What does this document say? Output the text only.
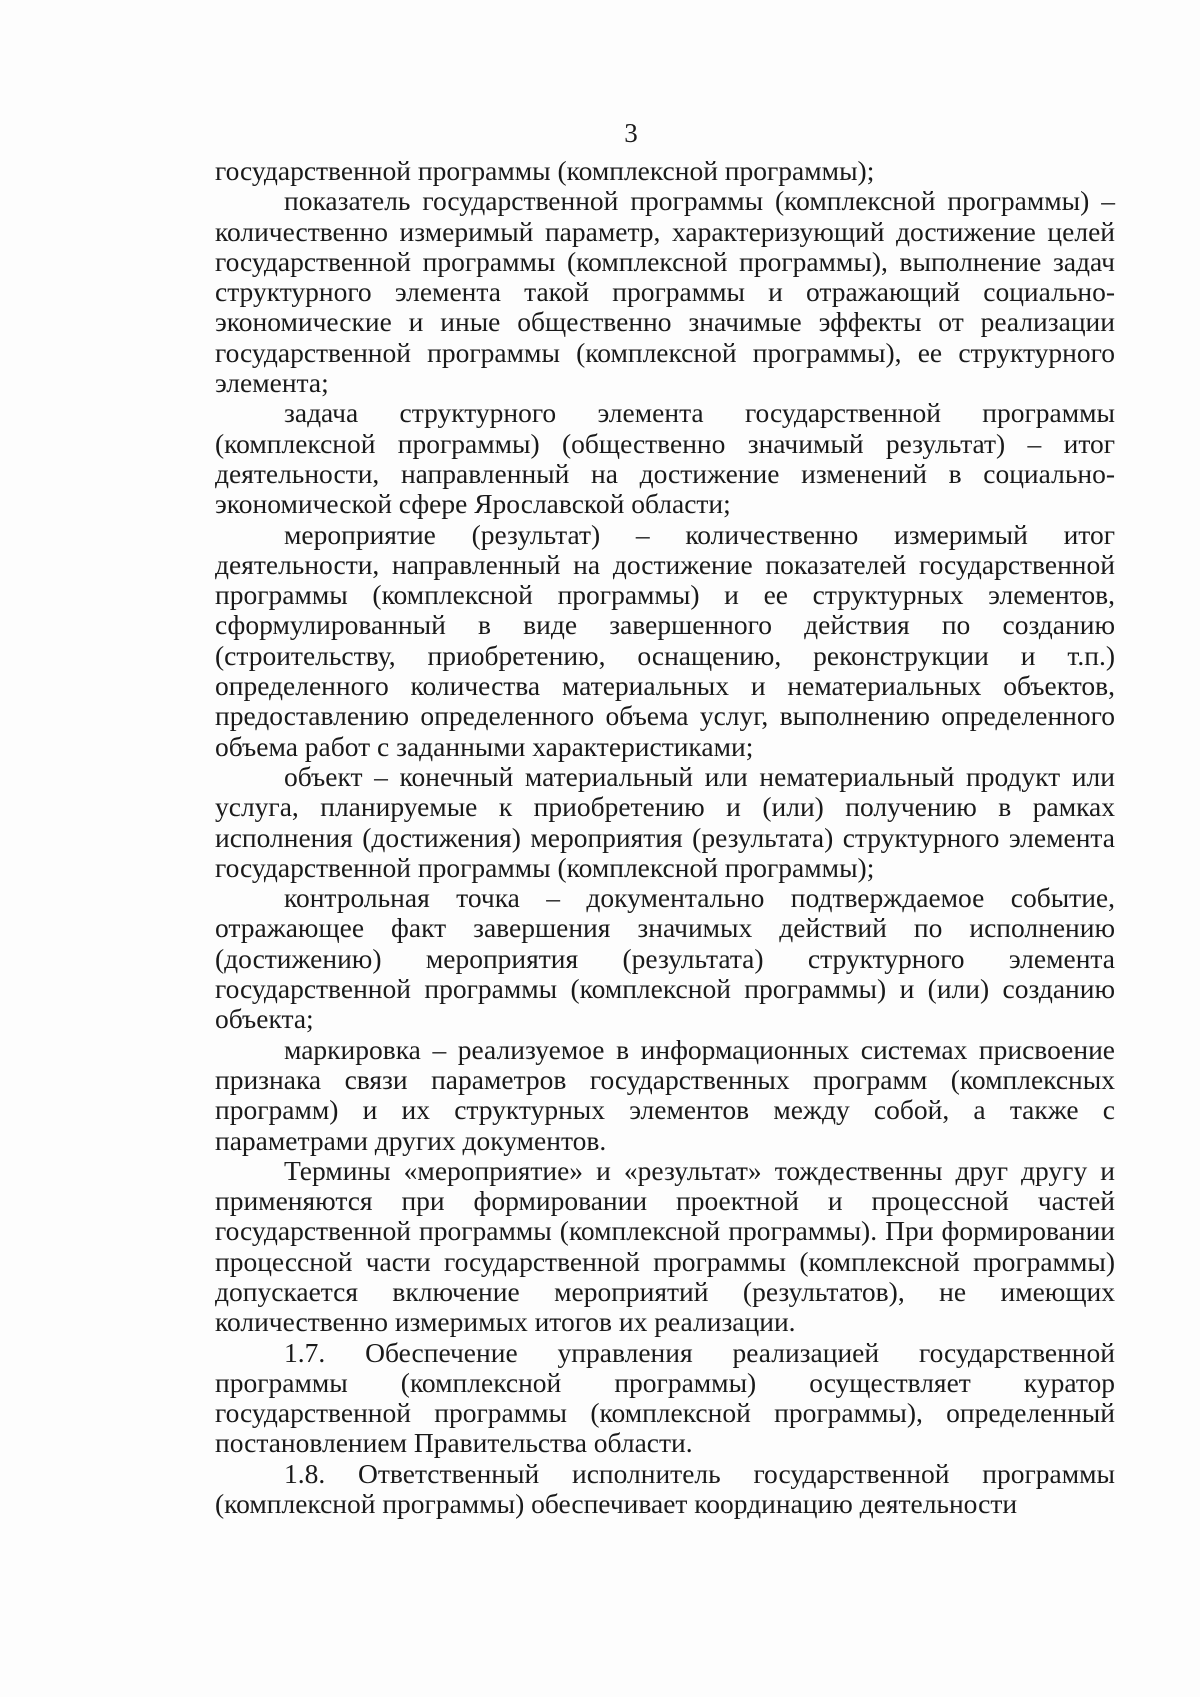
3

государственной программы (комплексной программы);

показатель государственной программы (комплексной программы) – количественно измеримый параметр, характеризующий достижение целей государственной программы (комплексной программы), выполнение задач структурного элемента такой программы и отражающий социально-экономические и иные общественно значимые эффекты от реализации государственной программы (комплексной программы), ее структурного элемента;

задача структурного элемента государственной программы (комплексной программы) (общественно значимый результат) – итог деятельности, направленный на достижение изменений в социально-экономической сфере Ярославской области;

мероприятие (результат) – количественно измеримый итог деятельности, направленный на достижение показателей государственной программы (комплексной программы) и ее структурных элементов, сформулированный в виде завершенного действия по созданию (строительству, приобретению, оснащению, реконструкции и т.п.) определенного количества материальных и нематериальных объектов, предоставлению определенного объема услуг, выполнению определенного объема работ с заданными характеристиками;

объект – конечный материальный или нематериальный продукт или услуга, планируемые к приобретению и (или) получению в рамках исполнения (достижения) мероприятия (результата) структурного элемента государственной программы (комплексной программы);

контрольная точка – документально подтверждаемое событие, отражающее факт завершения значимых действий по исполнению (достижению) мероприятия (результата) структурного элемента государственной программы (комплексной программы) и (или) созданию объекта;

маркировка – реализуемое в информационных системах присвоение признака связи параметров государственных программ (комплексных программ) и их структурных элементов между собой, а также с параметрами других документов.

Термины «мероприятие» и «результат» тождественны друг другу и применяются при формировании проектной и процессной частей государственной программы (комплексной программы). При формировании процессной части государственной программы (комплексной программы) допускается включение мероприятий (результатов), не имеющих количественно измеримых итогов их реализации.

1.7. Обеспечение управления реализацией государственной программы (комплексной программы) осуществляет куратор государственной программы (комплексной программы), определенный постановлением Правительства области.

1.8. Ответственный исполнитель государственной программы (комплексной программы) обеспечивает координацию деятельности
